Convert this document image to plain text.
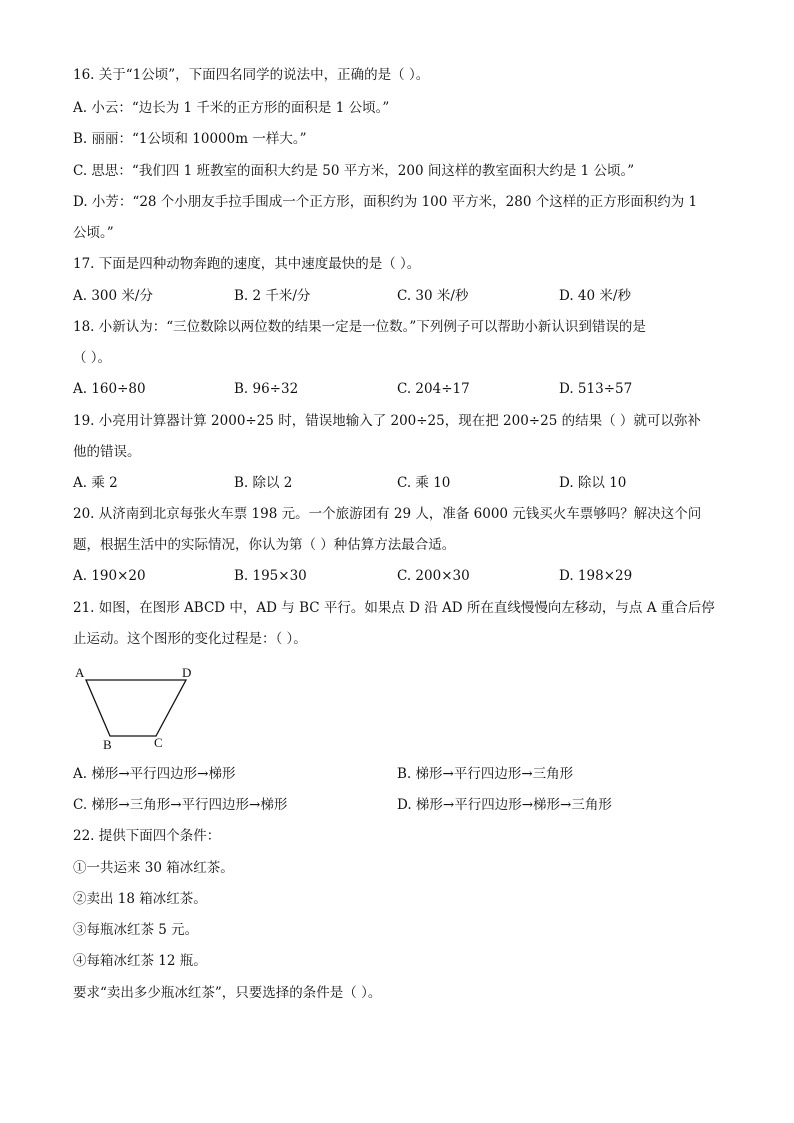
16. 关于“1公顷”，下面四名同学的说法中，正确的是（ ）。
A. 小云：“边长为 1 千米的正方形的面积是 1 公顷。”
B. 丽丽：“1公顷和 10000m 一样大。”
C. 思思：“我们四 1 班教室的面积大约是 50 平方米，200 间这样的教室面积大约是 1 公顷。”
D. 小芳：“28 个小朋友手拉手围成一个正方形，面积约为 100 平方米，280 个这样的正方形面积约为 1
公顷。”
17. 下面是四种动物奔跑的速度，其中速度最快的是（ ）。
A. 300 米/分	B. 2 千米/分	C. 30 米/秒	D. 40 米/秒
18. 小新认为：“三位数除以两位数的结果一定是一位数。”下列例子可以帮助小新认识到错误的是
（ ）。
A. 160÷80	B. 96÷32	C. 204÷17	D. 513÷57
19. 小亮用计算器计算 2000÷25 时，错误地输入了 200÷25，现在把 200÷25 的结果（ ）就可以弥补
他的错误。
A. 乘 2	B. 除以 2	C. 乘 10	D. 除以 10
20. 从济南到北京每张火车票 198 元。一个旅游团有 29 人，准备 6000 元钱买火车票够吗？解决这个问
题，根据生活中的实际情况，你认为第（ ）种估算方法最合适。
A. 190×20	B. 195×30	C. 200×30	D. 198×29
21. 如图，在图形 ABCD 中，AD 与 BC 平行。如果点 D 沿 AD 所在直线慢慢向左移动，与点 A 重合后停
止运动。这个图形的变化过程是：（ ）。
A	D
B	C
A. 梯形→平行四边形→梯形	B. 梯形→平行四边形→三角形
C. 梯形→三角形→平行四边形→梯形	D. 梯形→平行四边形→梯形→三角形
22. 提供下面四个条件：
①一共运来 30 箱冰红茶。
②卖出 18 箱冰红茶。
③每瓶冰红茶 5 元。
④每箱冰红茶 12 瓶。
要求“卖出多少瓶冰红茶”，只要选择的条件是（ ）。
